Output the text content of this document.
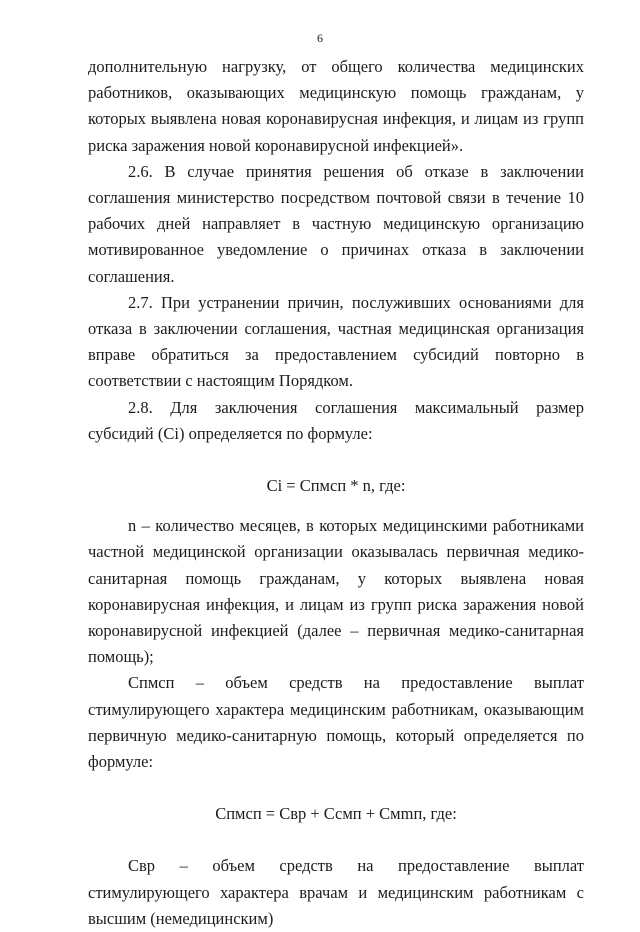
6

дополнительную нагрузку, от общего количества медицинских работников, оказывающих медицинскую помощь гражданам, у которых выявлена новая коронавирусная инфекция, и лицам из групп риска заражения новой коронавирусной инфекцией».

2.6. В случае принятия решения об отказе в заключении соглашения министерство посредством почтовой связи в течение 10 рабочих дней направляет в частную медицинскую организацию мотивированное уведомление о причинах отказа в заключении соглашения.

2.7. При устранении причин, послуживших основаниями для отказа в заключении соглашения, частная медицинская организация вправе обратиться за предоставлением субсидий повторно в соответствии с настоящим Порядком.

2.8. Для заключения соглашения максимальный размер субсидий (Ci) определяется по формуле:

Ci = Спмсп * n, где:

n – количество месяцев, в которых медицинскими работниками частной медицинской организации оказывалась первичная медико-санитарная помощь гражданам, у которых выявлена новая коронавирусная инфекция, и лицам из групп риска заражения новой коронавирусной инфекцией (далее – первичная медико-санитарная помощь);

Спмсп – объем средств на предоставление выплат стимулирующего характера медицинским работникам, оказывающим первичную медико-санитарную помощь, который определяется по формуле:

Спмсп = Свр + Ссмп + Смmп, где:

Свр – объем средств на предоставление выплат стимулирующего характера врачам и медицинским работникам с высшим (немедицинским)
